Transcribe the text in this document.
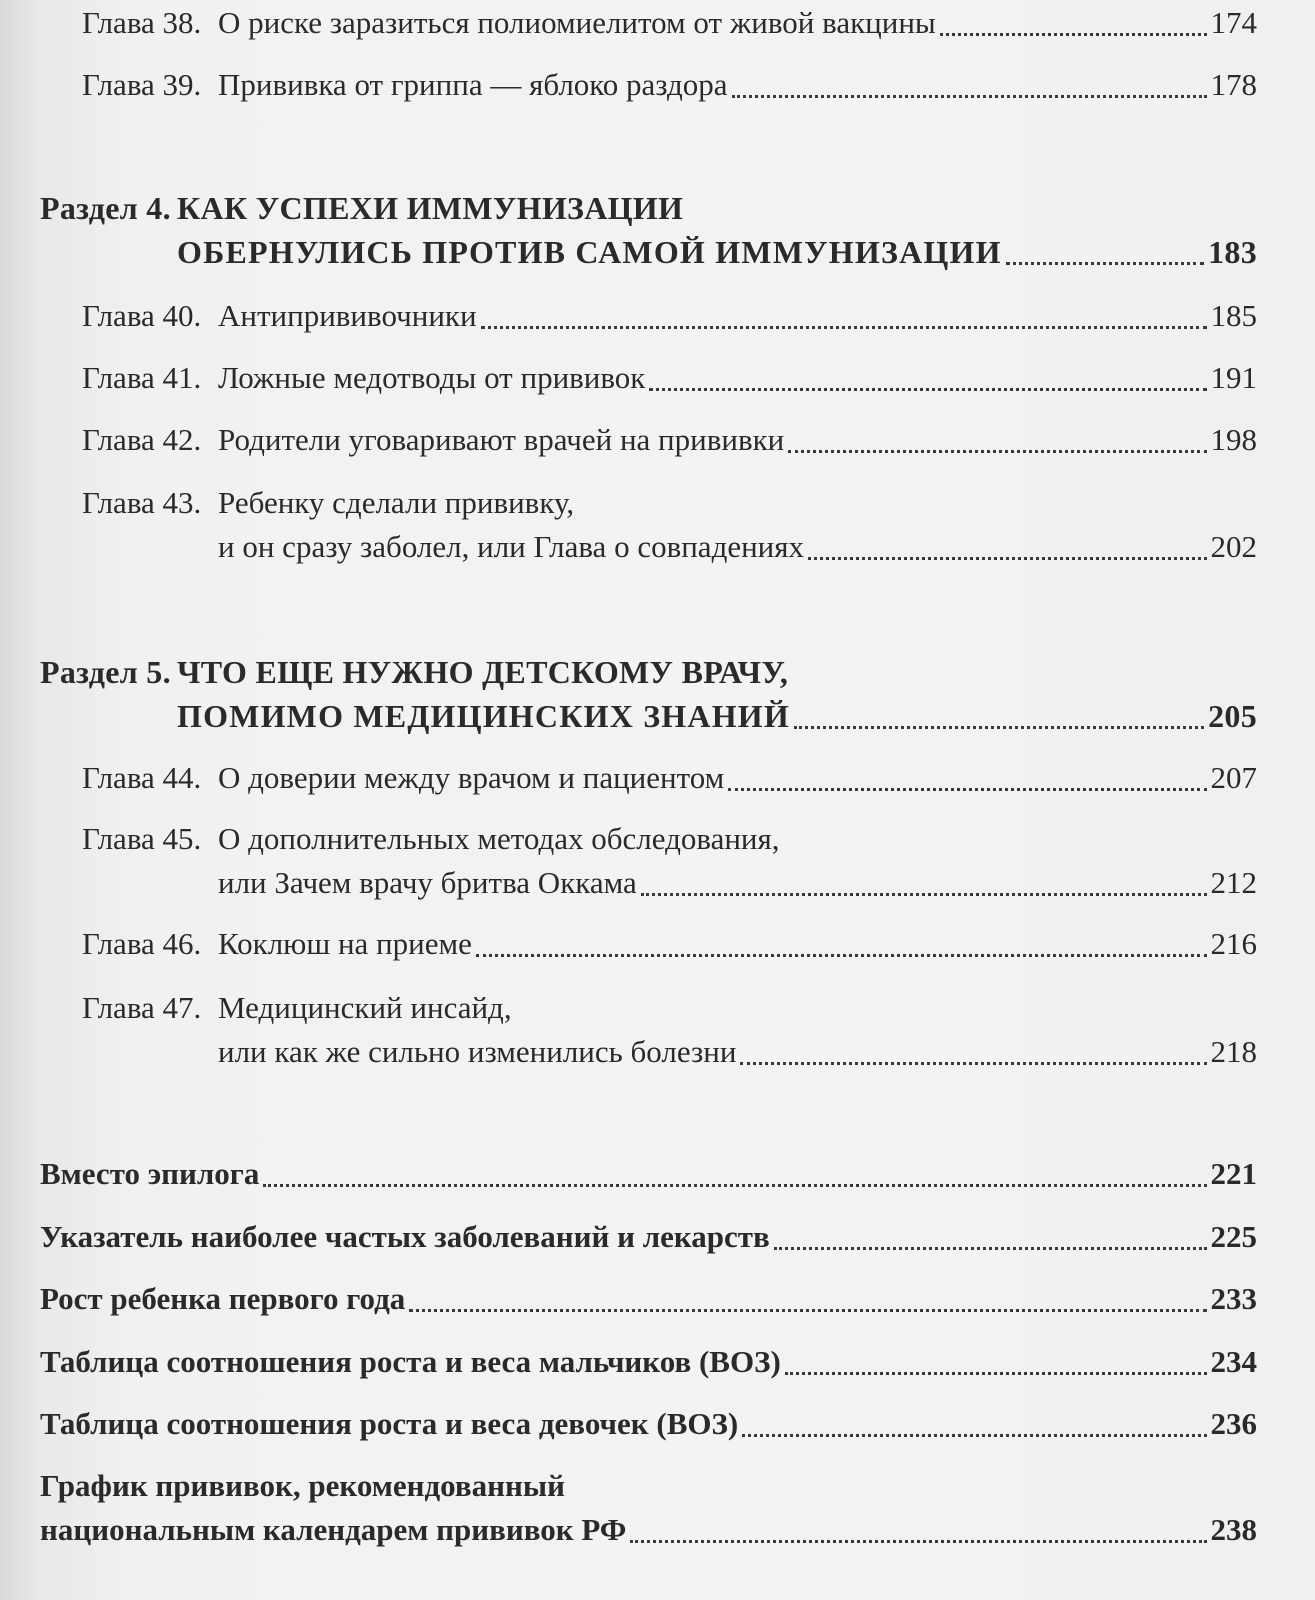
Глава 38. О риске заразиться полиомиелитом от живой вакцины	174
Глава 39. Прививка от гриппа — яблоко раздора	178
Раздел 4. КАК УСПЕХИ ИММУНИЗАЦИИ
ОБЕРНУЛИСЬ ПРОТИВ САМОЙ ИММУНИЗАЦИИ	183
Глава 40. Антипрививочники	185
Глава 41. Ложные медотводы от прививок	191
Глава 42. Родители уговаривают врачей на прививки	198
Глава 43. Ребенку сделали прививку,
и он сразу заболел, или Глава о совпадениях	202
Раздел 5. ЧТО ЕЩЕ НУЖНО ДЕТСКОМУ ВРАЧУ,
ПОМИМО МЕДИЦИНСКИХ ЗНАНИЙ	205
Глава 44. О доверии между врачом и пациентом	207
Глава 45. О дополнительных методах обследования,
или Зачем врачу бритва Оккама	212
Глава 46. Коклюш на приеме	216
Глава 47. Медицинский инсайд,
или как же сильно изменились болезни	218
Вместо эпилога	221
Указатель наиболее частых заболеваний и лекарств	225
Рост ребенка первого года	233
Таблица соотношения роста и веса мальчиков (ВОЗ)	234
Таблица соотношения роста и веса девочек (ВОЗ)	236
График прививок, рекомендованный
национальным календарем прививок РФ	238
